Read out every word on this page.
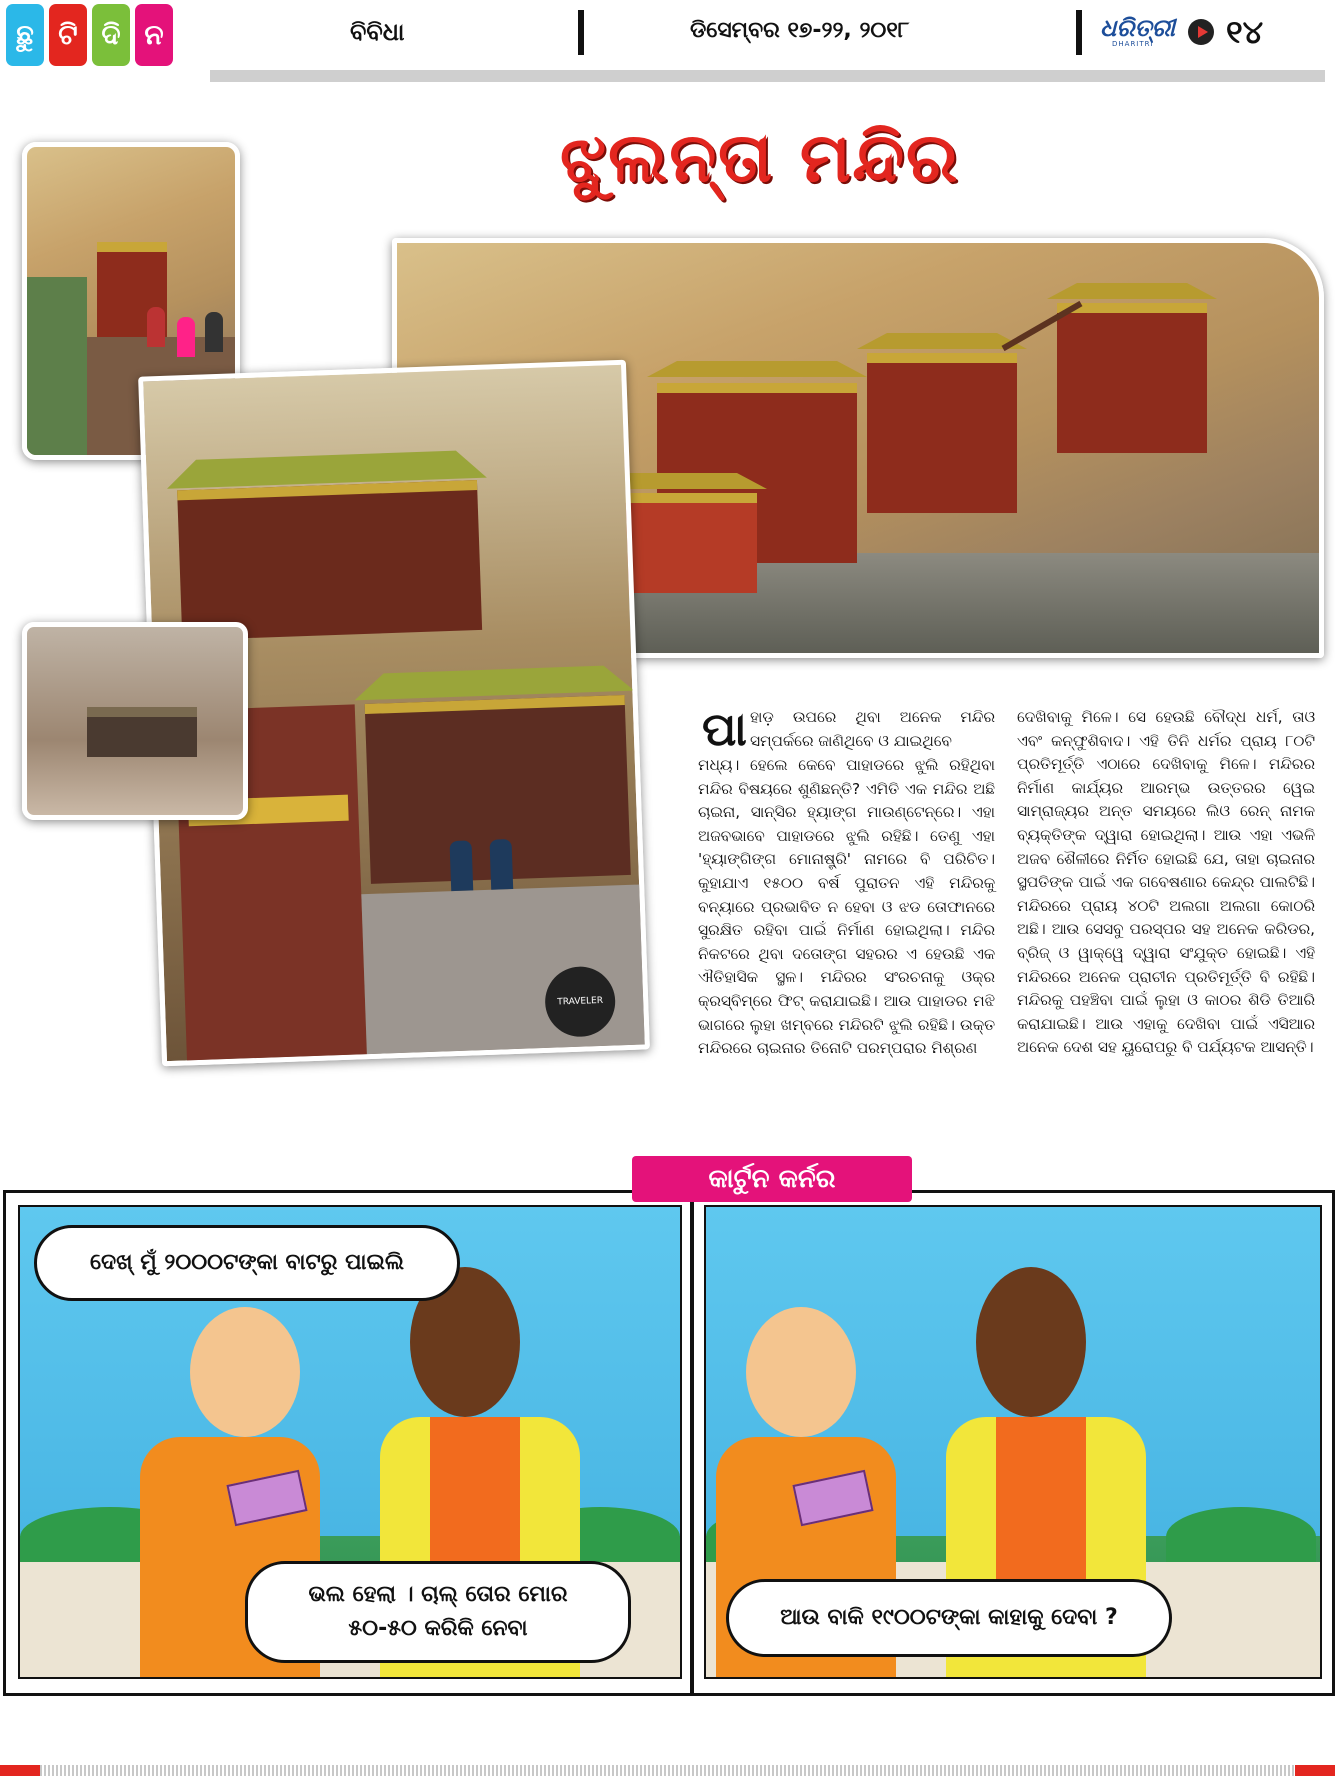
ଛୁ ଟି ଦି ନ	ବିବିଧା	ଡିସେମ୍ବର ୧୭-୨୨, ୨୦୧୮	ଧରିତ୍ରୀ
DHARITRI ୧୪
ଝୁଲନ୍ତା ମନ୍ଦିର
TRAVELER
ପା ହାଡ଼ ଉପରେ ଥିବା ଅନେକ ମନ୍ଦିର ସମ୍ପର୍କରେ ଜାଣିଥିବେ ଓ ଯାଇଥିବେ
ମଧ୍ୟ। ହେଲେ କେବେ ପାହାଡରେ ଝୁଲି ରହିଥିବା ମନ୍ଦିର ବିଷୟରେ ଶୁଣିଛନ୍ତି? ଏମିତି ଏକ ମନ୍ଦିର ଅଛି ଚାଇନା, ସାନ୍ସିର ହ୍ୟାଙ୍ଗ ମାଉଣ୍ଟେନ୍‌ରେ। ଏହା ଅଜବଭାବେ ପାହାଡରେ ଝୁଲି ରହିଛି। ତେଣୁ ଏହା 'ହ୍ୟାଙ୍ଗିଙ୍ଗ ମୋନାଷ୍ଟ୍ରି' ନାମରେ ବି ପରିଚିତ। କୁହାଯାଏ ୧୫୦୦ ବର୍ଷ ପୁରାତନ ଏହି ମନ୍ଦିରକୁ ବନ୍ୟାରେ ପ୍ରଭାବିତ ନ ହେବା ଓ ଝଡ ତୋଫାନରେ ସୁରକ୍ଷିତ ରହିବା ପାଇଁ ନିର୍ମାଣ ହୋଇଥିଲା। ମନ୍ଦିର ନିକଟରେ ଥିବା ଦତୋଙ୍ଗ ସହରର ଏ ହେଉଛି ଏକ ଐତିହାସିକ ସ୍ଥଳ। ମନ୍ଦିରର ସଂରଚନାକୁ ଓକ୍‌ର କ୍ରସ୍‌ବିମ୍‌ରେ ଫିଟ୍ କରାଯାଇଛି। ଆଉ ପାହାଡର ମଝି ଭାଗରେ ଲୁହା ଖମ୍ବରେ ମନ୍ଦିରଟି ଝୁଲି ରହିଛି। ଉକ୍ତ ମନ୍ଦିରରେ ଚାଇନାର ତିନୋଟି ପରମ୍ପରାର ମିଶ୍ରଣ
ଦେଖିବାକୁ ମିଳେ। ସେ ହେଉଛି ବୌଦ୍ଧ ଧର୍ମ, ତାଓ ଏବଂ କନ୍ଫୁଶିବାଦ। ଏହି ତିନି ଧର୍ମର ପ୍ରାୟ ୮୦ଟି ପ୍ରତିମୂର୍ତ୍ତି ଏଠାରେ ଦେଖିବାକୁ ମିଳେ। ମନ୍ଦିରର ନିର୍ମାଣ କାର୍ଯ୍ୟର ଆରମ୍ଭ ଉତ୍ତରର ୱେଇ ସାମ୍ରାଜ୍ୟର ଅନ୍ତ ସମୟରେ ଲିଓ ରେନ୍ ନାମକ ବ୍ୟକ୍ତିଙ୍କ ଦ୍ୱାରା ହୋଇଥିଲା। ଆଉ ଏହା ଏଭଳି ଅଜବ ଶୈଳୀରେ ନିର୍ମିତ ହୋଇଛି ଯେ, ତାହା ଚାଇନାର ସ୍ଥପତିଙ୍କ ପାଇଁ ଏକ ଗବେଷଣାର କେନ୍ଦ୍ର ପାଲଟିଛି। ମନ୍ଦିରରେ ପ୍ରାୟ ୪୦ଟି ଅଲଗା ଅଲଗା କୋଠରି ଅଛି। ଆଉ ସେସବୁ ପରସ୍ପର ସହ ଅନେକ କରିଡର, ବ୍ରିଜ୍ ଓ ୱାକ୍‌ୱେ ଦ୍ୱାରା ସଂଯୁକ୍ତ ହୋଇଛି। ଏହି ମନ୍ଦିରରେ ଅନେକ ପ୍ରାଚୀନ ପ୍ରତିମୂର୍ତ୍ତି ବି ରହିଛି। ମନ୍ଦିରକୁ ପହଞ୍ଚିବା ପାଇଁ ଲୁହା ଓ କାଠର ଶିଡି ତିଆରି କରାଯାଇଛି। ଆଉ ଏହାକୁ ଦେଖିବା ପାଇଁ ଏସିଆର ଅନେକ ଦେଶ ସହ ୟୁରୋପରୁ ବି ପର୍ଯ୍ୟଟକ ଆସନ୍ତି।
ଦେଖ୍ ମୁଁ ୨୦୦୦ଟଙ୍କା ବାଟରୁ ପାଇଲି
ଭଲ ହେଲା । ଚାଲ୍ ତୋର ମୋର
୫୦-୫୦ କରିକି ନେବା	ଆଉ ବାକି ୧୯୦୦ଟଙ୍କା କାହାକୁ ଦେବା ?
କାର୍ଟୁନ କର୍ନର
